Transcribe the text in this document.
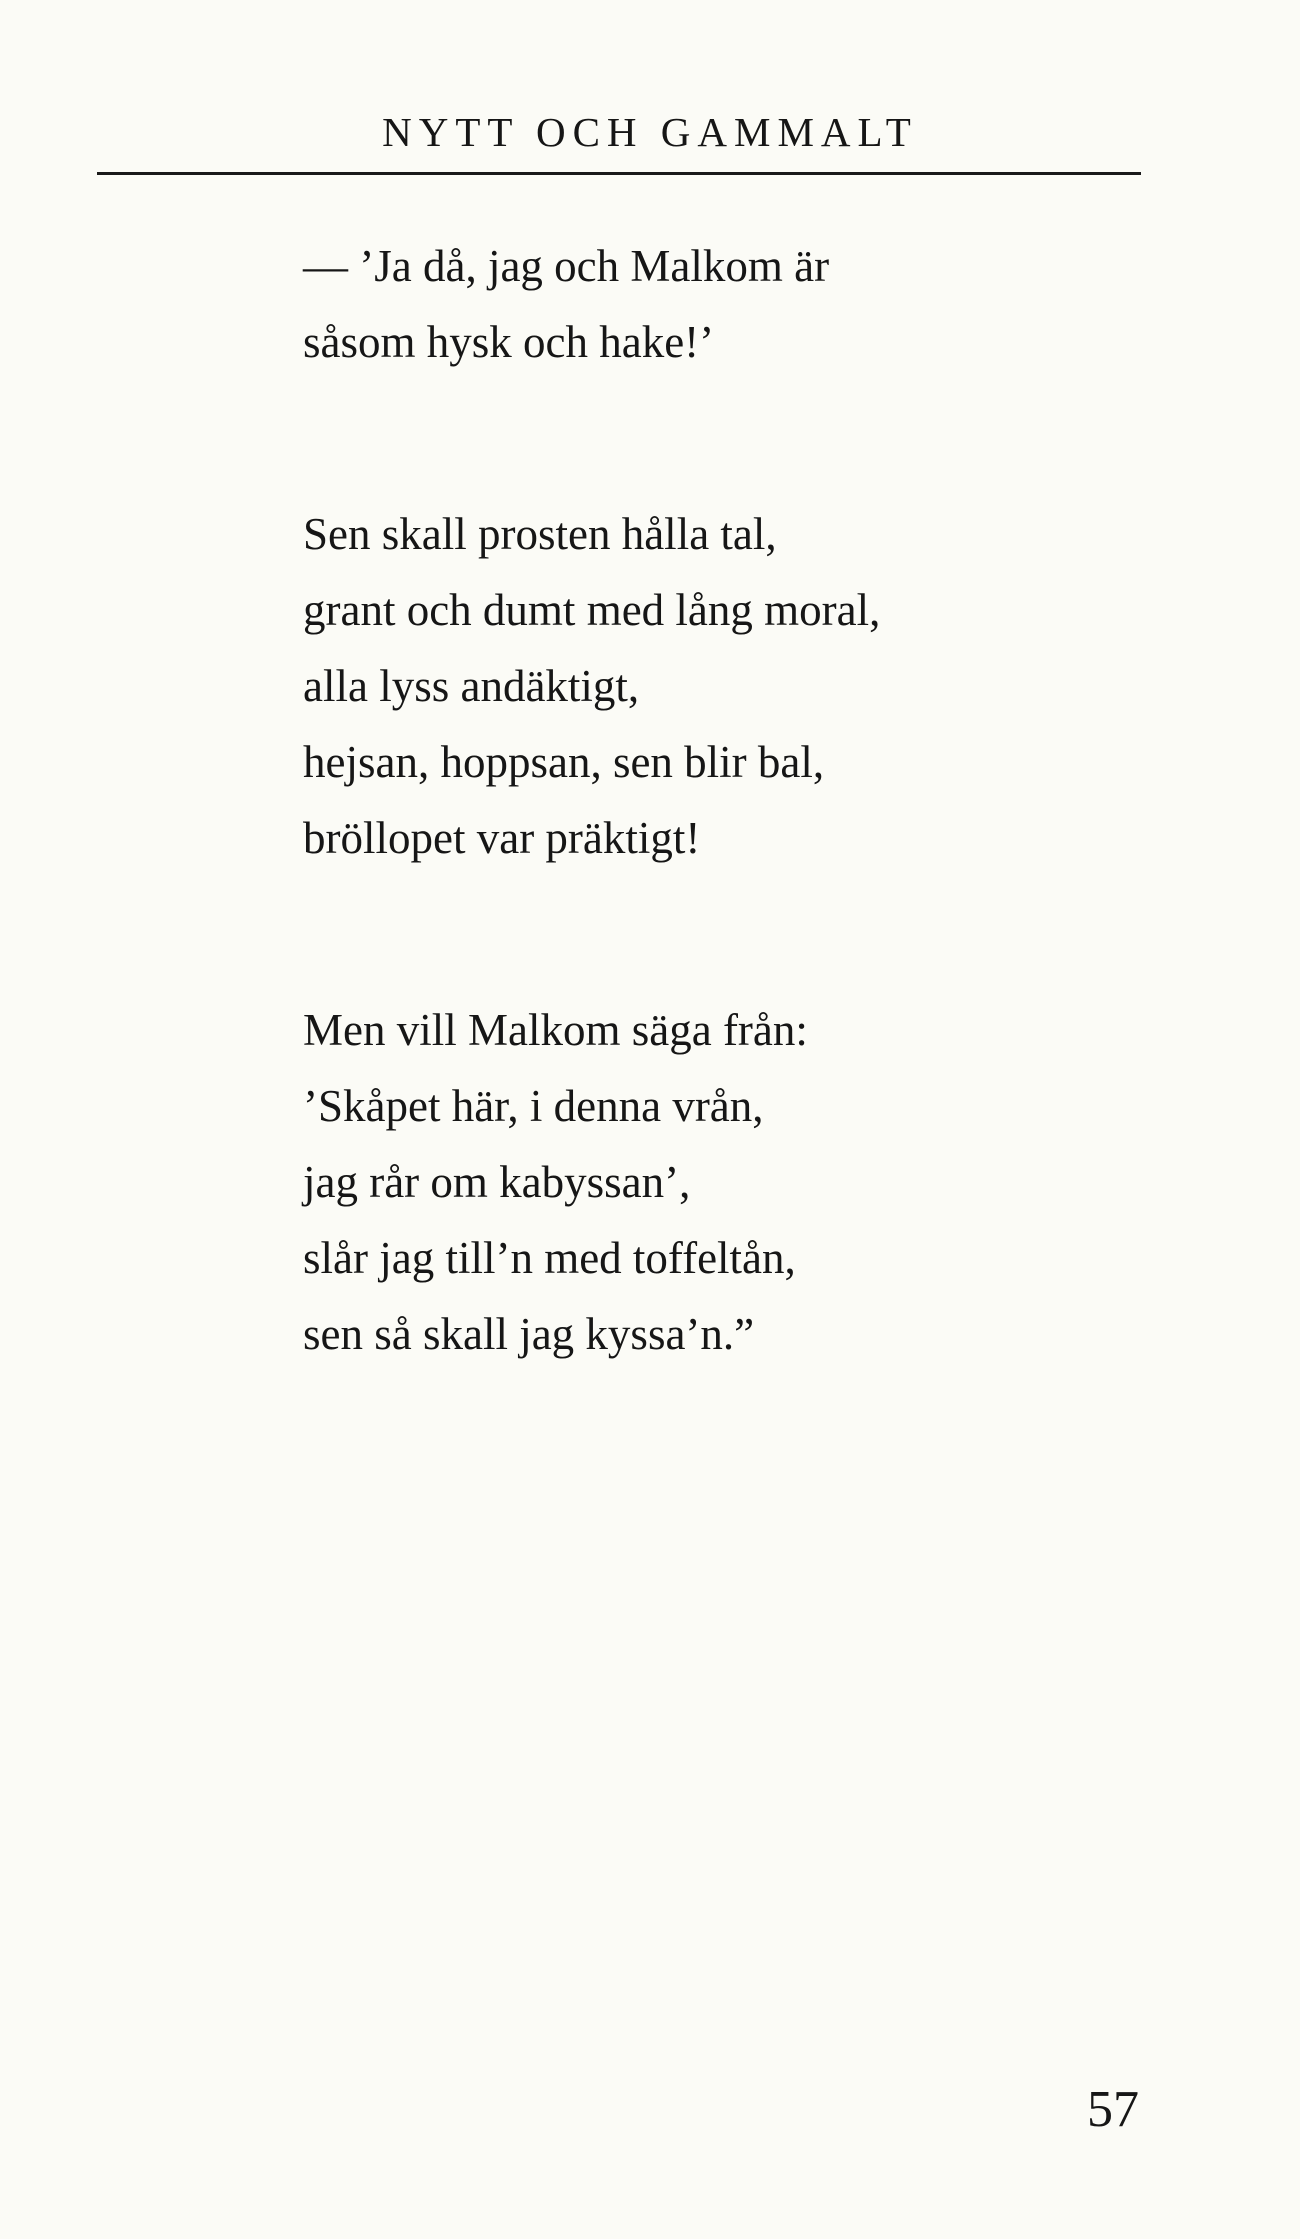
NYTT OCH GAMMALT

— ’Ja då, jag och Malkom är
såsom hysk och hake!’

Sen skall prosten hålla tal,
grant och dumt med lång moral,
alla lyss andäktigt,
hejsan, hoppsan, sen blir bal,
bröllopet var präktigt!

Men vill Malkom säga från:
’Skåpet här, i denna vrån,
jag rår om kabyssan’,
slår jag till’n med toffeltån,
sen så skall jag kyssa’n.”

57
